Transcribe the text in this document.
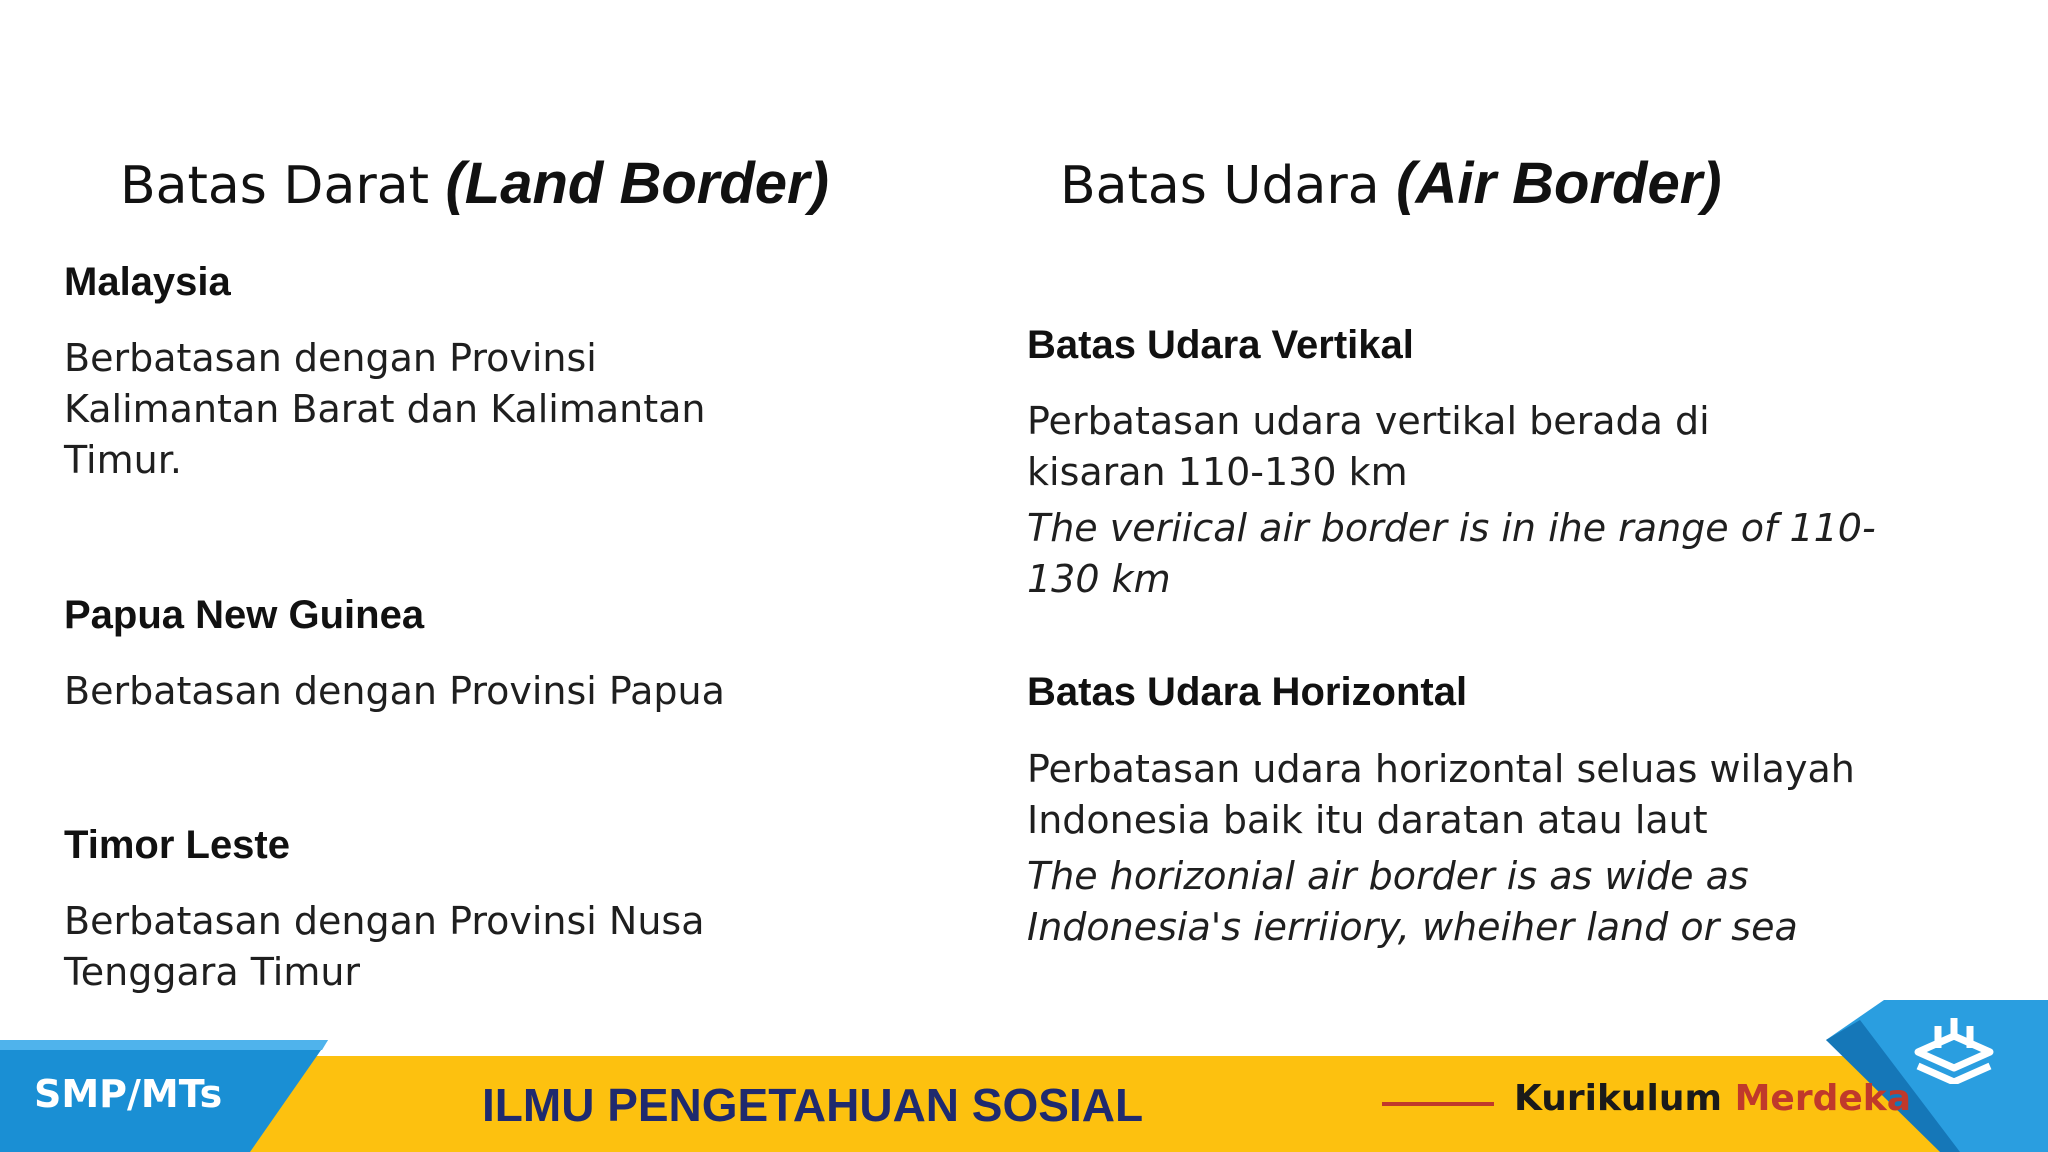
Batas Darat (Land Border)
Malaysia
Berbatasan dengan Provinsi Kalimantan Barat dan Kalimantan Timur.
Papua New Guinea
Berbatasan dengan Provinsi Papua
Timor Leste
Berbatasan dengan Provinsi Nusa Tenggara Timur
Batas Udara (Air Border)
Batas Udara Vertikal
Perbatasan udara vertikal berada di kisaran 110-130 km
The veriical air border is in ihe range of 110-130 km
Batas Udara Horizontal
Perbatasan udara horizontal seluas wilayah Indonesia baik itu daratan atau laut
The horizonial air border is as wide as Indonesia's ierriiory, wheiher land or sea
SMP/MTs	ILMU PENGETAHUAN SOSIAL	Kurikulum Merdeka
